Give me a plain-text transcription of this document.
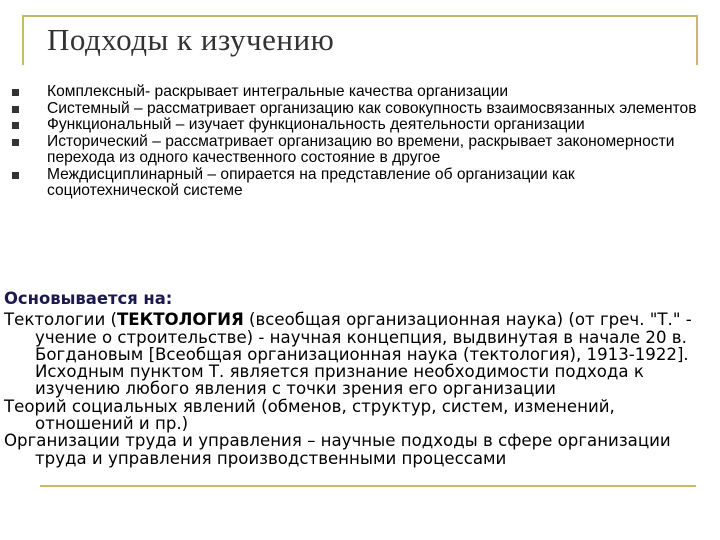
Подходы к изучению
Комплексный- раскрывает интегральные качества организации
Системный – рассматривает организацию как совокупность взаимосвязанных элементов
Функциональный – изучает функциональность деятельности организации
Исторический – рассматривает организацию во времени, раскрывает закономерности перехода из одного качественного состояние в другое
Междисциплинарный – опирается на представление об организации как социотехнической системе
Основывается на:

Тектологии (ТЕКТОЛОГИЯ (всеобщая организационная наука) (от греч. "Т." - учение о строительстве) - научная концепция, выдвинутая в начале 20 в. Богдановым [Всеобщая организационная наука (тектология), 1913-1922]. Исходным пунктом Т. является признание необходимости подхода к изучению любого явления с точки зрения его организации

Теорий социальных явлений (обменов, структур, систем, изменений, отношений и пр.)

Организации труда и управления – научные подходы в сфере организации труда и управления производственными процессами
